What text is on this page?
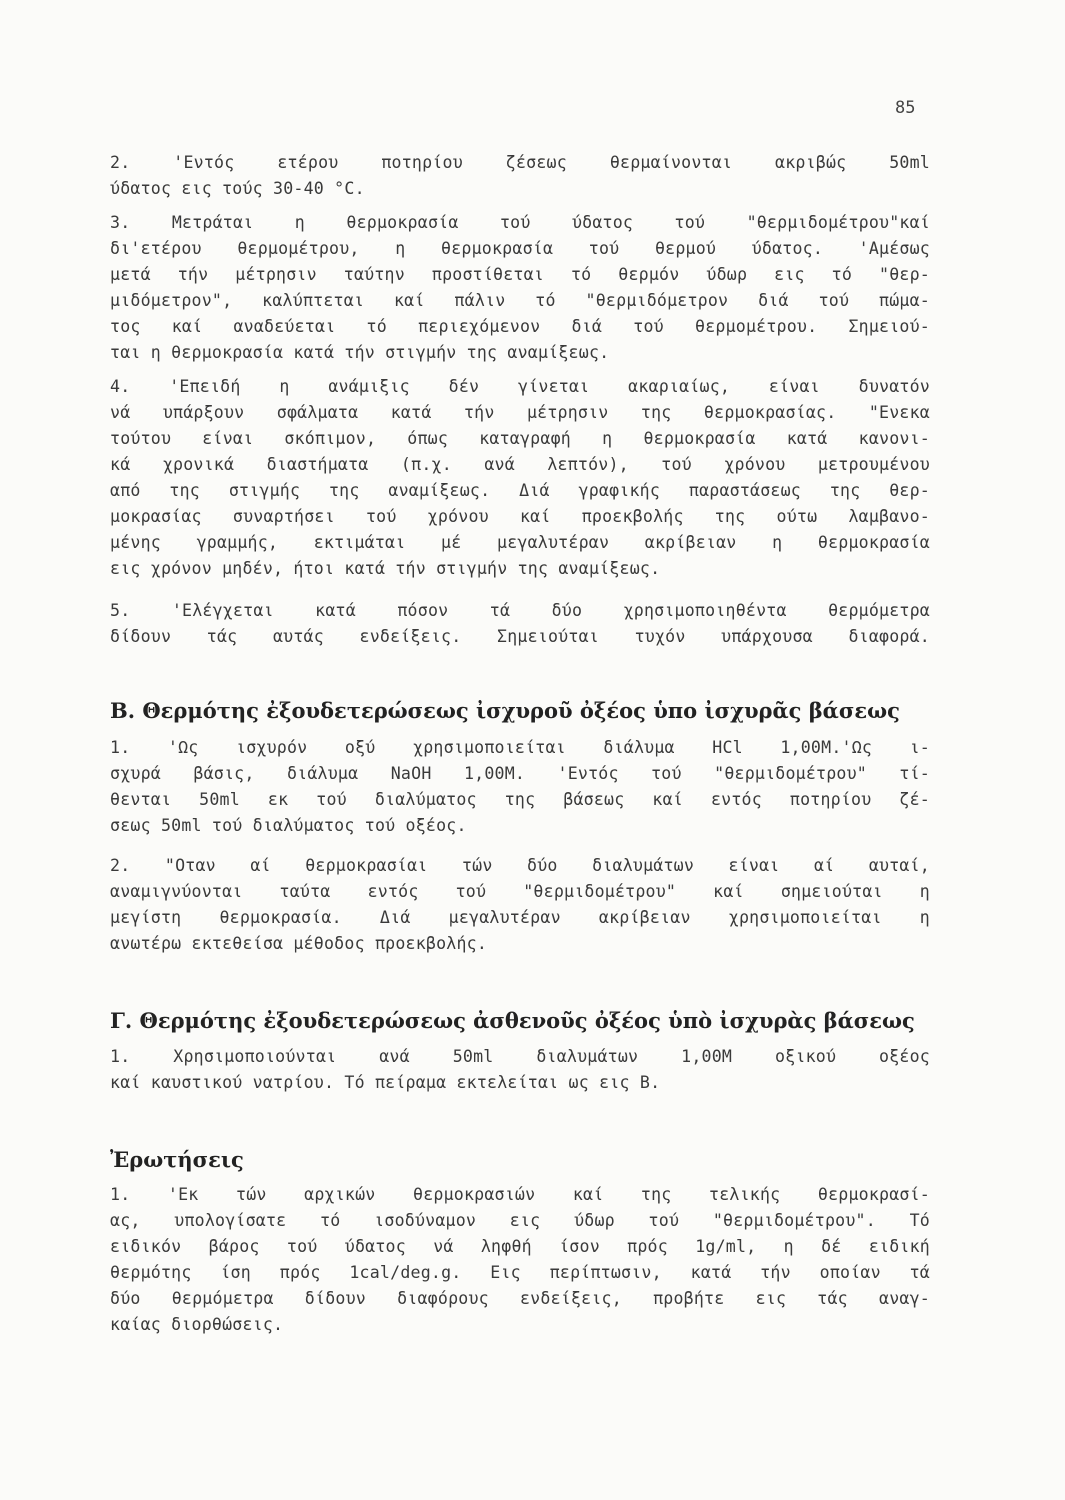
85
2. 'Εντός ετέρου ποτηρίου ζέσεως θερμαίνονται ακριβώς 50ml
ύδατος εις τούς 30-40 °C.
3. Μετράται η θερμοκρασία τού ύδατος τού "θερμιδομέτρου"καί
δι'ετέρου θερμομέτρου, η θερμοκρασία τού θερμού ύδατος. 'Αμέσως
μετά τήν μέτρησιν ταύτην προστίθεται τό θερμόν ύδωρ εις τό "θερ-
μιδόμετρον", καλύπτεται καί πάλιν τό "θερμιδόμετρον διά τού πώμα-
τος καί αναδεύεται τό περιεχόμενον διά τού θερμομέτρου. Σημειού-
ται η θερμοκρασία κατά τήν στιγμήν της αναμίξεως.
4. 'Επειδή η ανάμιξις δέν γίνεται ακαριαίως, είναι δυνατόν
νά υπάρξουν σφάλματα κατά τήν μέτρησιν της θερμοκρασίας. "Ενεκα
τούτου είναι σκόπιμον, όπως καταγραφή η θερμοκρασία κατά κανονι-
κά χρονικά διαστήματα (π.χ. ανά λεπτόν), τού χρόνου μετρουμένου
από της στιγμής της αναμίξεως. Διά γραφικής παραστάσεως της θερ-
μοκρασίας συναρτήσει τού χρόνου καί προεκβολής της ούτω λαμβανο-
μένης γραμμής, εκτιμάται μέ μεγαλυτέραν ακρίβειαν η θερμοκρασία
εις χρόνον μηδέν, ήτοι κατά τήν στιγμήν της αναμίξεως.
5. 'Ελέγχεται κατά πόσον τά δύο χρησιμοποιηθέντα θερμόμετρα
δίδουν τάς αυτάς ενδείξεις. Σημειούται τυχόν υπάρχουσα διαφορά.
Β. Θερμότης ἐξουδετερώσεως ἰσχυροῦ ὀξέος ὑπο ἰσχυρᾶς βάσεως
1. 'Ως ισχυρόν οξύ χρησιμοποιείται διάλυμα HCl 1,00M.'Ως ι-
σχυρά βάσις, διάλυμα NaOH 1,00M. 'Εντός τού "θερμιδομέτρου" τί-
θενται 50ml εκ τού διαλύματος της βάσεως καί εντός ποτηρίου ζέ-
σεως 50ml τού διαλύματος τού οξέος.
2. "Οταν αί θερμοκρασίαι τών δύο διαλυμάτων είναι αί αυταί,
αναμιγνύονται ταύτα εντός τού "θερμιδομέτρου" καί σημειούται η
μεγίστη θερμοκρασία. Διά μεγαλυτέραν ακρίβειαν χρησιμοποιείται η
ανωτέρω εκτεθείσα μέθοδος προεκβολής.
Γ. Θερμότης ἐξουδετερώσεως ἀσθενοῦς ὀξέος ὑπὸ ἰσχυρὰς βάσεως
1. Χρησιμοποιούνται ανά 50ml διαλυμάτων 1,00M οξικού οξέος
καί καυστικού νατρίου. Τό πείραμα εκτελείται ως εις Β.
Ἐρωτήσεις
1. 'Εκ τών αρχικών θερμοκρασιών καί της τελικής θερμοκρασί-
ας, υπολογίσατε τό ισοδύναμον εις ύδωρ τού "θερμιδομέτρου". Τό
ειδικόν βάρος τού ύδατος νά ληφθή ίσον πρός 1g/ml, η δέ ειδική
θερμότης ίση πρός 1cal/deg.g. Εις περίπτωσιν, κατά τήν οποίαν τά
δύο θερμόμετρα δίδουν διαφόρους ενδείξεις, προβήτε εις τάς αναγ-
καίας διορθώσεις.
